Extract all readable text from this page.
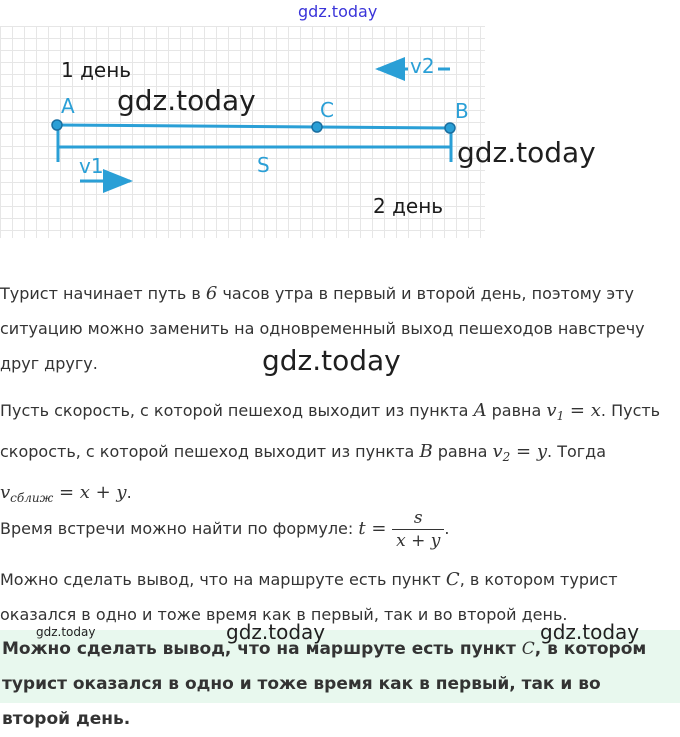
gdz.today
1 день
2 день
A	C	B
v1
v2
S
gdz.today
gdz.today
Турист начинает путь в 6 часов утра в первый и второй день, поэтому эту ситуацию можно заменить на одновременный выход пешеходов навстречу друг другу.	gdz.today
Пусть скорость, с которой пешеход выходит из пункта A равна $v_1 = x$. Пусть скорость, с которой пешеход выходит из пункта B равна $v_2 = y$. Тогда
$v_{сближ} = x + y$.
Время встречи можно найти по формуле: $t = \frac{s}{x + y}$ .
Можно сделать вывод, что на маршруте есть пункт C, в котором турист оказался в одно и тоже время как в первый, так и во второй день.

Можно сделать вывод, что на маршруте есть пункт C, в котором турист оказался в одно и тоже время как в первый, так и во второй день.

gdz.today	gdz.today	gdz.today
